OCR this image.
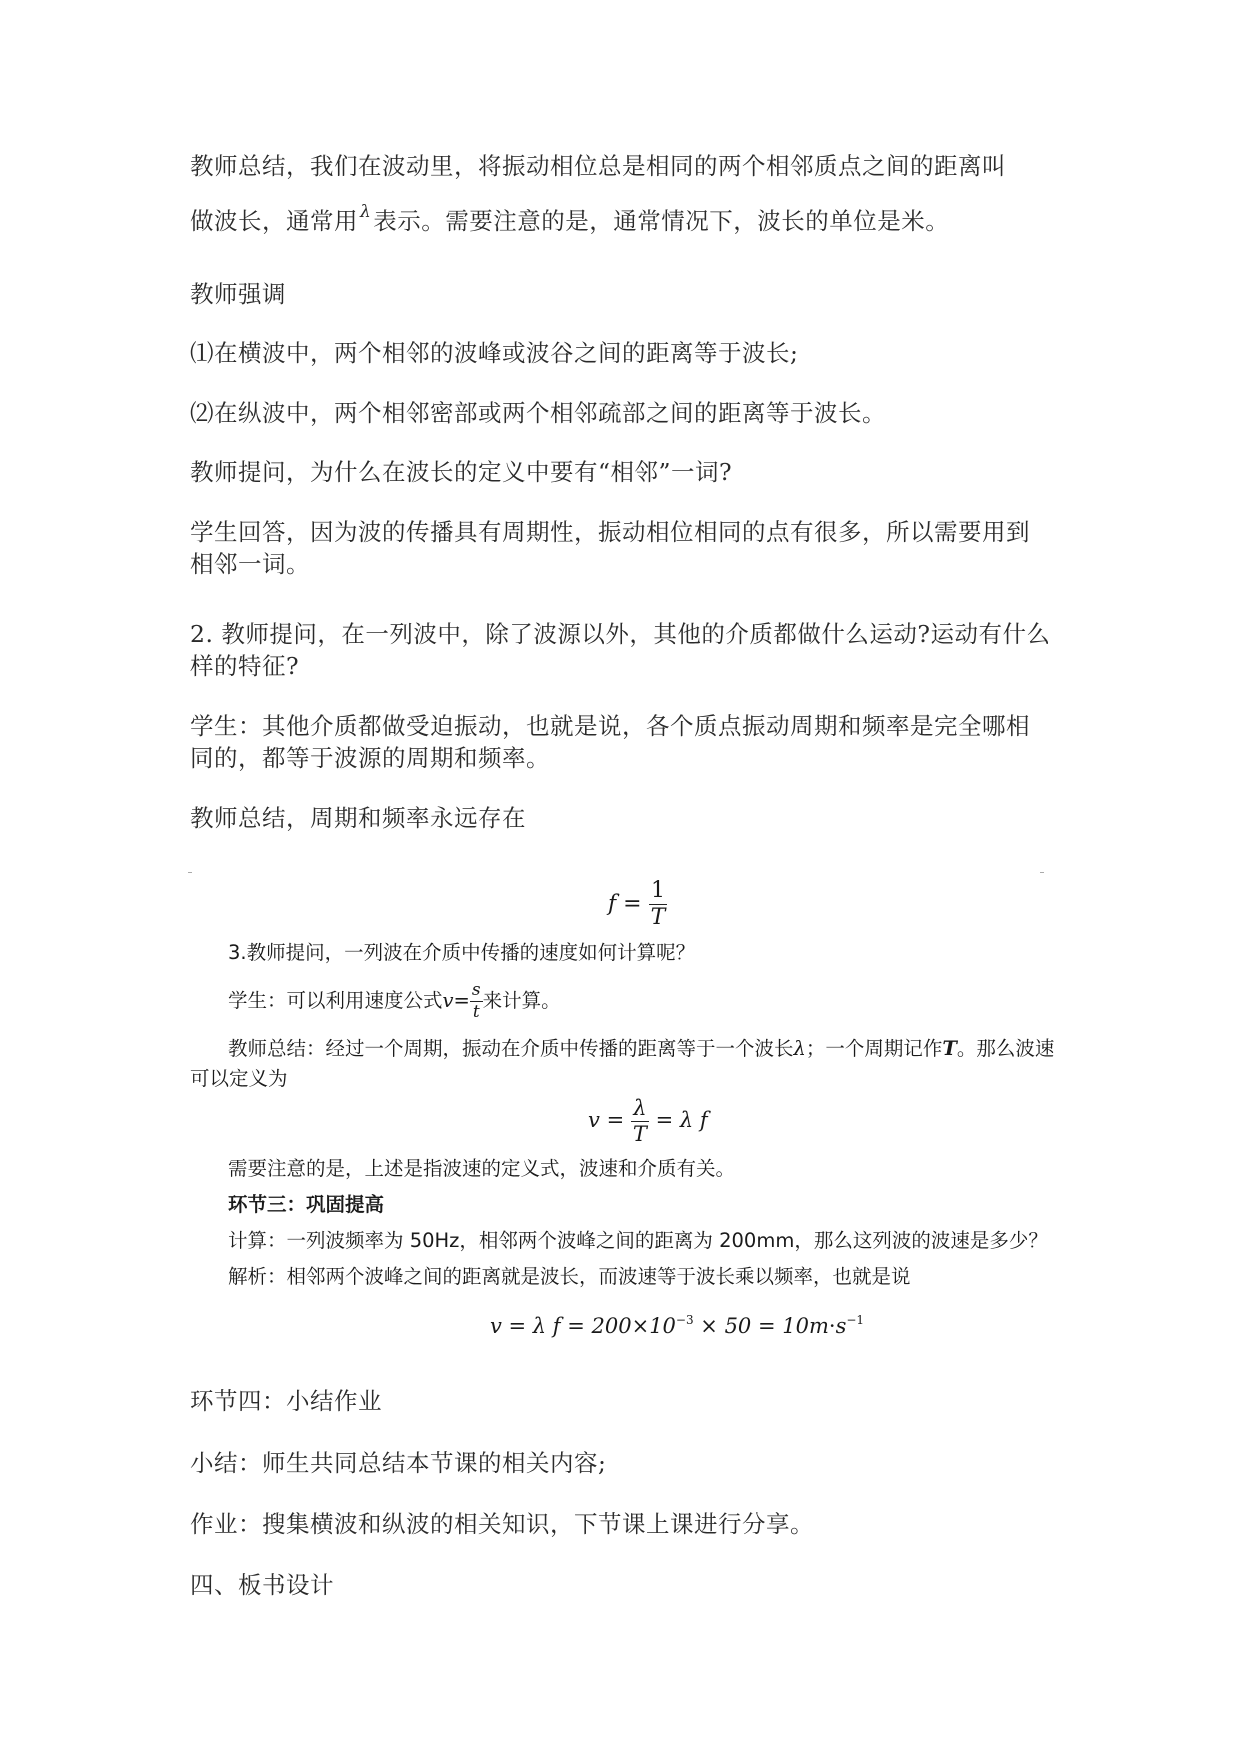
教师总结，我们在波动里，将振动相位总是相同的两个相邻质点之间的距离叫
做波长，通常用 $^\lambda$表示。需要注意的是，通常情况下，波长的单位是米。
教师强调
⑴在横波中，两个相邻的波峰或波谷之间的距离等于波长;
⑵在纵波中，两个相邻密部或两个相邻疏部之间的距离等于波长。
教师提问，为什么在波长的定义中要有“相邻”一词?
学生回答，因为波的传播具有周期性，振动相位相同的点有很多，所以需要用到相邻一词。
2. 教师提问，在一列波中，除了波源以外，其他的介质都做什么运动?运动有什么样的特征?
学生：其他介质都做受迫振动，也就是说，各个质点振动周期和频率是完全哪相同的，都等于波源的周期和频率。
教师总结，周期和频率永远存在
$f = \frac{1}{T}$
3.教师提问，一列波在介质中传播的速度如何计算呢？
学生：可以利用速度公式$v= \frac{s}{t}$ 来计算。
教师总结：经过一个周期，振动在介质中传播的距离等于一个波长λ；一个周期记作T。那么波速
可以定义为
$v = \frac{\lambda}{T} = \lambda$ f
需要注意的是，上述是指波速的定义式，波速和介质有关。
环节三：巩固提高
计算：一列波频率为 50Hz，相邻两个波峰之间的距离为 200mm，那么这列波的波速是多少？
解析：相邻两个波峰之间的距离就是波长，而波速等于波长乘以频率，也就是说
v = λ $f = 200\times 10^{-3} \times 50 = 10m\cdot s^{-1}$
环节四：小结作业
小结：师生共同总结本节课的相关内容;
作业：搜集横波和纵波的相关知识，下节课上课进行分享。
四、板书设计
